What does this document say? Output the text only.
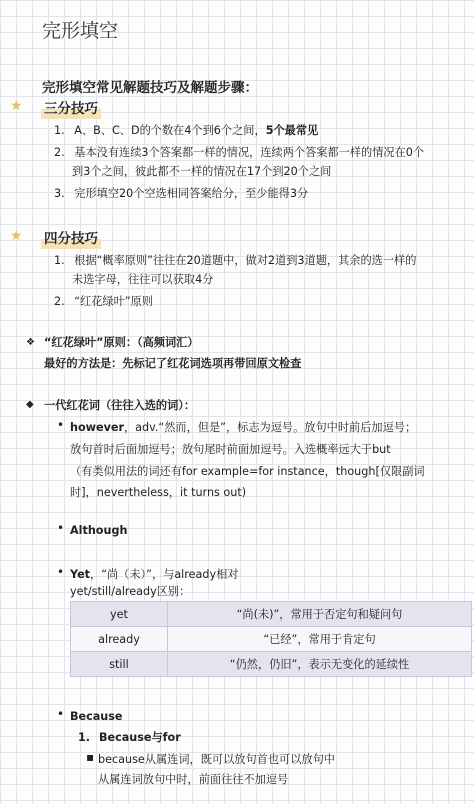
完形填空
完形填空常见解题技巧及解题步骤：
★ 三分技巧
1. A、B、C、D的个数在4个到6个之间，5个最常见
2. 基本没有连续3个答案都一样的情况，连续两个答案都一样的情况在0个
到3个之间，彼此都不一样的情况在17个到20个之间
3. 完形填空20个空选相同答案给分，至少能得3分
★ 四分技巧
1. 根据“概率原则”往往在20道题中，做对2道到3道题，其余的选一样的
未选字母，往往可以获取4分
2. “红花绿叶”原则
❖ “红花绿叶”原则：（高频词汇）
最好的方法是：先标记了红花词选项再带回原文检查
◆ 一代红花词（往往入选的词）：
• however，adv.“然而，但是”，标志为逗号。放句中时前后加逗号；
放句首时后面加逗号；放句尾时前面加逗号。入选概率远大于but
（有类似用法的词还有for example=for instance，though[仅限副词
时]，nevertheless，it turns out)
• Although
• Yet，“尚（未）”，与already相对
yet/still/already区别：
yet	“尚(未)”，常用于否定句和疑问句
already	“已经”，常用于肯定句
still	“仍然，仍旧”，表示无变化的延续性
• Because
1. Because与for
▪ because从属连词，既可以放句首也可以放句中
从属连词放句中时，前面往往不加逗号
